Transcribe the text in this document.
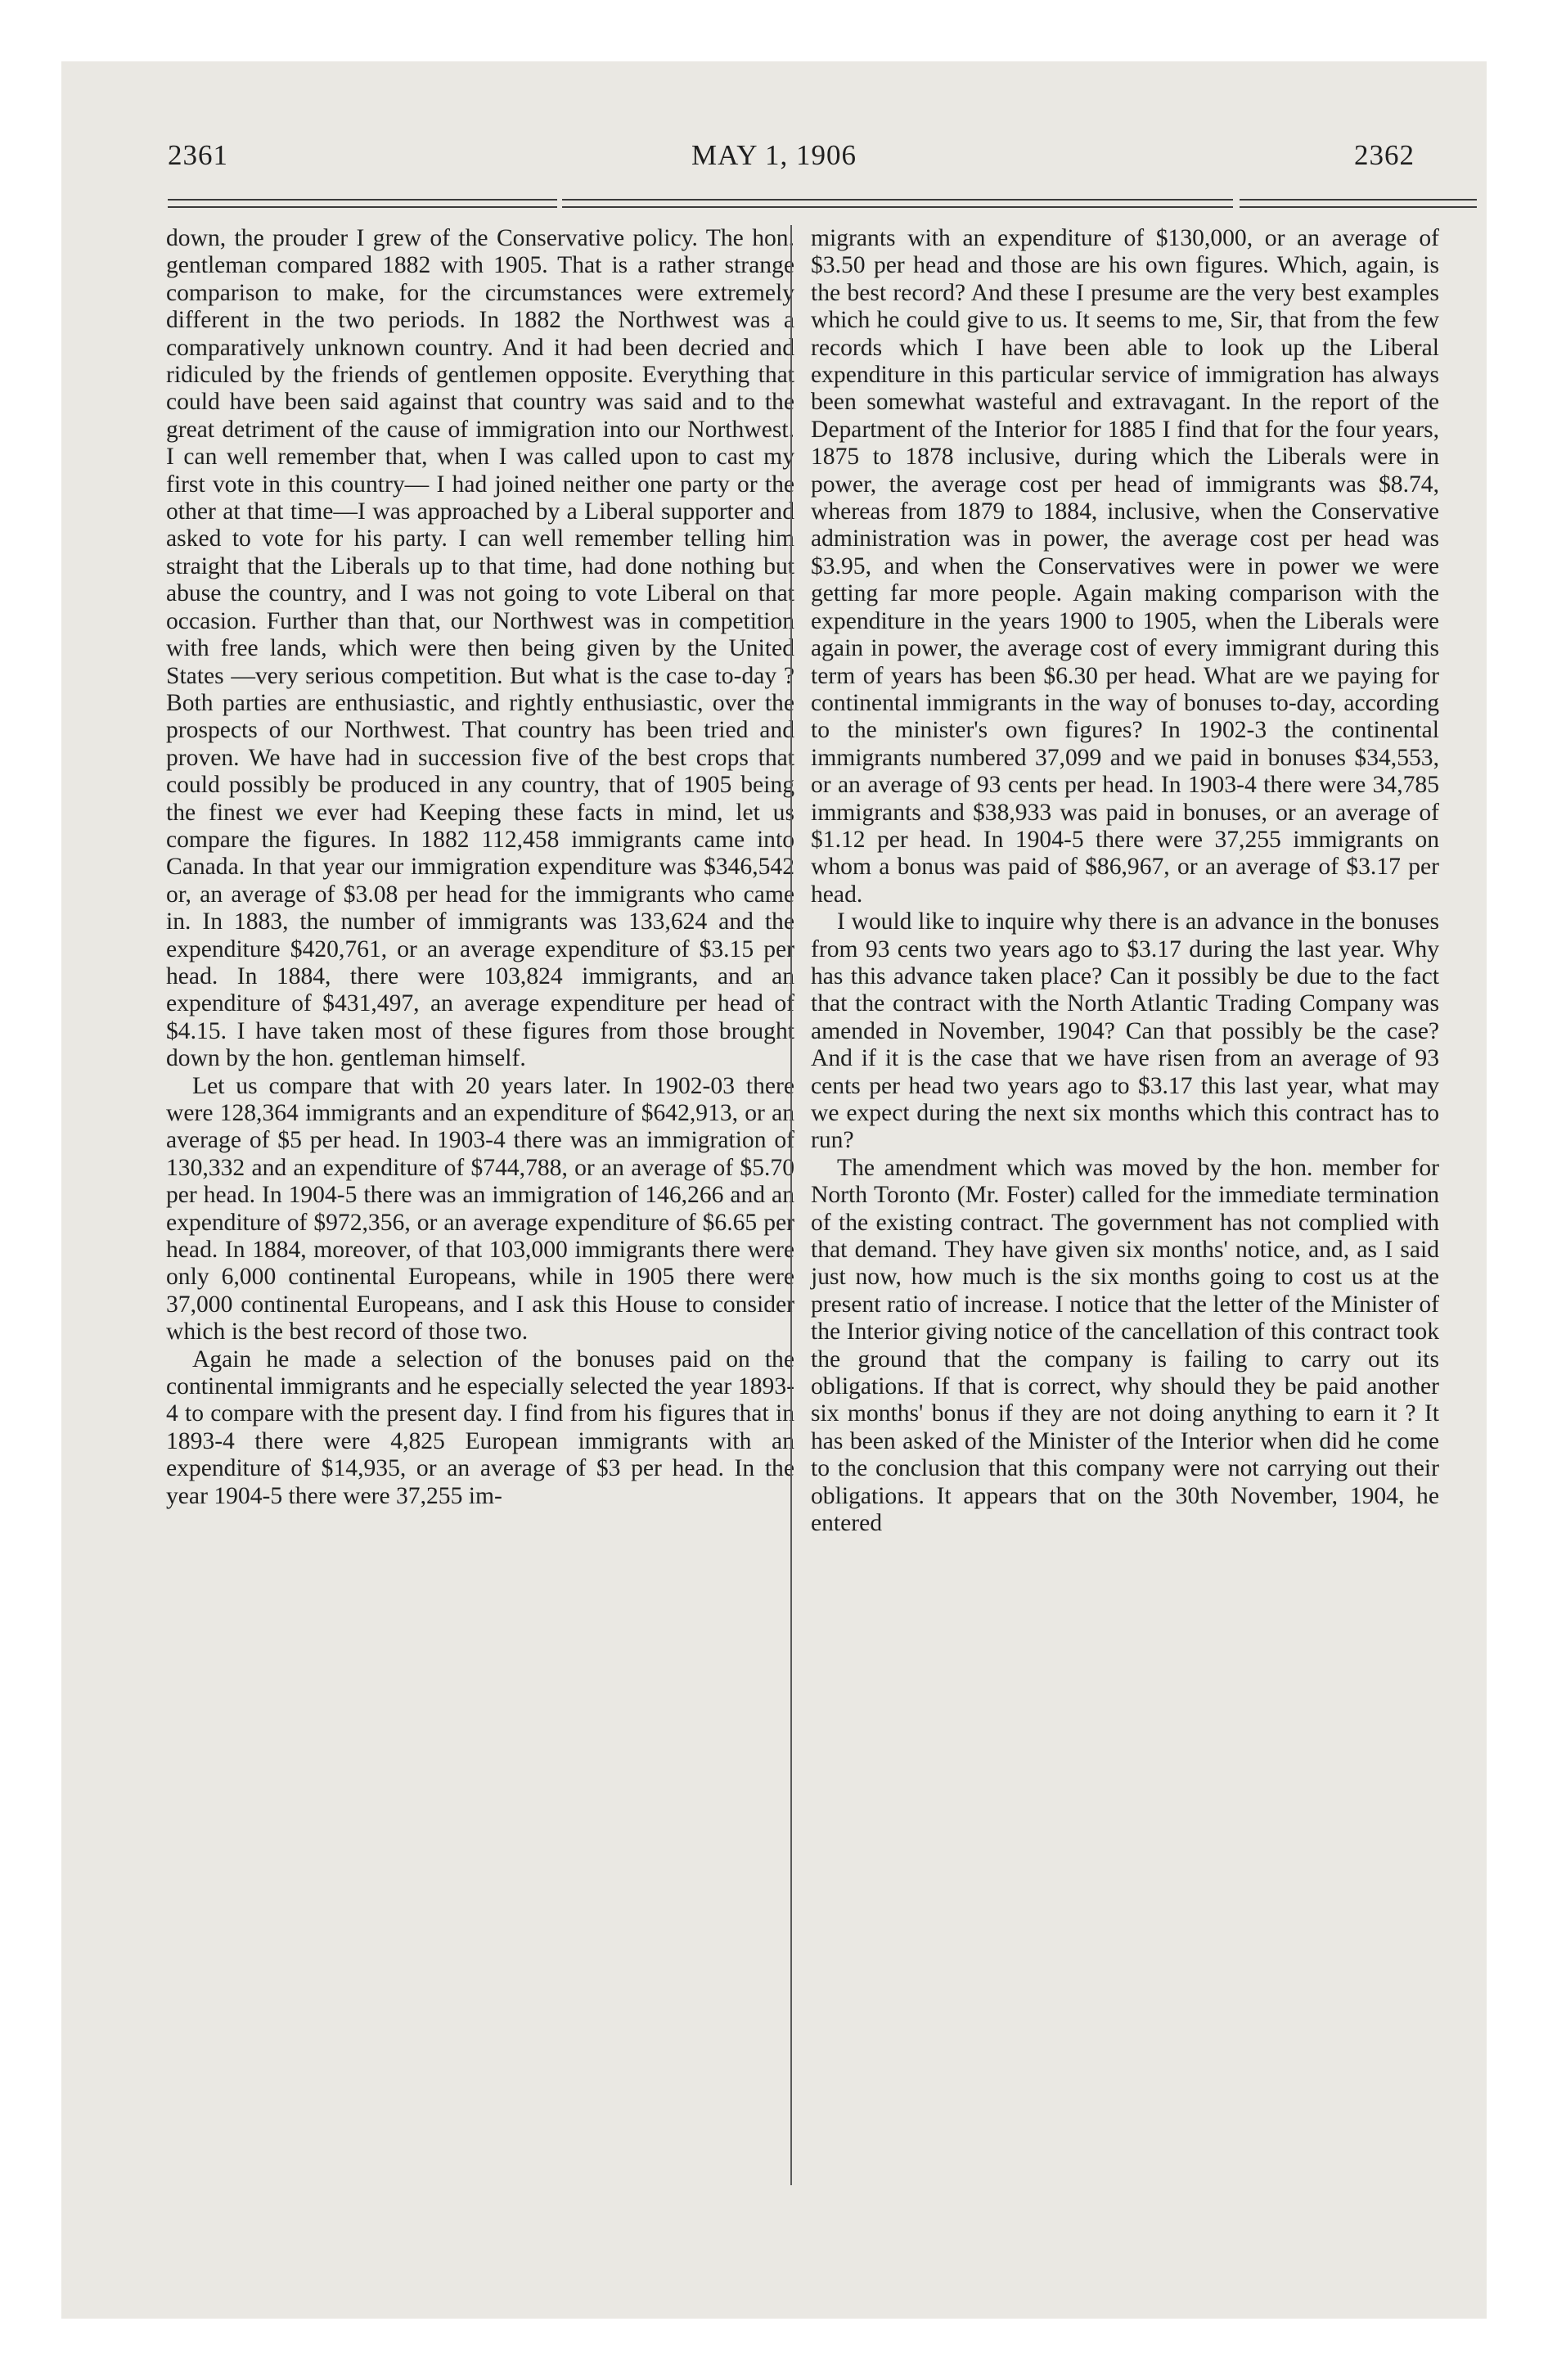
2361	MAY 1, 1906	2362

down, the prouder I grew of the Conservative policy. The hon. gentleman compared 1882 with 1905. That is a rather strange comparison to make, for the circumstances were extremely different in the two periods. In 1882 the Northwest was a comparatively unknown country. And it had been decried and ridiculed by the friends of gentlemen opposite. Everything that could have been said against that country was said and to the great detriment of the cause of immigration into our Northwest. I can well remember that, when I was called upon to cast my first vote in this country— I had joined neither one party or the other at that time—I was approached by a Liberal supporter and asked to vote for his party. I can well remember telling him straight that the Liberals up to that time, had done nothing but abuse the country, and I was not going to vote Liberal on that occasion. Further than that, our Northwest was in competition with free lands, which were then being given by the United States —very serious competition. But what is the case to-day ? Both parties are enthusiastic, and rightly enthusiastic, over the prospects of our Northwest. That country has been tried and proven. We have had in succession five of the best crops that could possibly be produced in any country, that of 1905 being the finest we ever had Keeping these facts in mind, let us compare the figures. In 1882 112,458 immigrants came into Canada. In that year our immigration expenditure was $346,542 or, an average of $3.08 per head for the immigrants who came in. In 1883, the number of immigrants was 133,624 and the expenditure $420,761, or an average expenditure of $3.15 per head. In 1884, there were 103,824 immigrants, and an expenditure of $431,497, an average expenditure per head of $4.15. I have taken most of these figures from those brought down by the hon. gentleman himself.

Let us compare that with 20 years later. In 1902-03 there were 128,364 immigrants and an expenditure of $642,913, or an average of $5 per head. In 1903-4 there was an immigration of 130,332 and an expenditure of $744,788, or an average of $5.70 per head. In 1904-5 there was an immigration of 146,266 and an expenditure of $972,356, or an average expenditure of $6.65 per head. In 1884, moreover, of that 103,000 immigrants there were only 6,000 continental Europeans, while in 1905 there were 37,000 continental Europeans, and I ask this House to consider which is the best record of those two.

Again he made a selection of the bonuses paid on the continental immigrants and he especially selected the year 1893-4 to compare with the present day. I find from his figures that in 1893-4 there were 4,825 European immigrants with an expenditure of $14,935, or an average of $3 per head. In the year 1904-5 there were 37,255 im-

migrants with an expenditure of $130,000, or an average of $3.50 per head and those are his own figures. Which, again, is the best record? And these I presume are the very best examples which he could give to us. It seems to me, Sir, that from the few records which I have been able to look up the Liberal expenditure in this particular service of immigration has always been somewhat wasteful and extravagant. In the report of the Department of the Interior for 1885 I find that for the four years, 1875 to 1878 inclusive, during which the Liberals were in power, the average cost per head of immigrants was $8.74, whereas from 1879 to 1884, inclusive, when the Conservative administration was in power, the average cost per head was $3.95, and when the Conservatives were in power we were getting far more people. Again making comparison with the expenditure in the years 1900 to 1905, when the Liberals were again in power, the average cost of every immigrant during this term of years has been $6.30 per head. What are we paying for continental immigrants in the way of bonuses to-day, according to the minister's own figures? In 1902-3 the continental immigrants numbered 37,099 and we paid in bonuses $34,553, or an average of 93 cents per head. In 1903-4 there were 34,785 immigrants and $38,933 was paid in bonuses, or an average of $1.12 per head. In 1904-5 there were 37,255 immigrants on whom a bonus was paid of $86,967, or an average of $3.17 per head.

I would like to inquire why there is an advance in the bonuses from 93 cents two years ago to $3.17 during the last year. Why has this advance taken place? Can it possibly be due to the fact that the contract with the North Atlantic Trading Company was amended in November, 1904? Can that possibly be the case? And if it is the case that we have risen from an average of 93 cents per head two years ago to $3.17 this last year, what may we expect during the next six months which this contract has to run?

The amendment which was moved by the hon. member for North Toronto (Mr. Foster) called for the immediate termination of the existing contract. The government has not complied with that demand. They have given six months' notice, and, as I said just now, how much is the six months going to cost us at the present ratio of increase. I notice that the letter of the Minister of the Interior giving notice of the cancellation of this contract took the ground that the company is failing to carry out its obligations. If that is correct, why should they be paid another six months' bonus if they are not doing anything to earn it ? It has been asked of the Minister of the Interior when did he come to the conclusion that this company were not carrying out their obligations. It appears that on the 30th November, 1904, he entered
